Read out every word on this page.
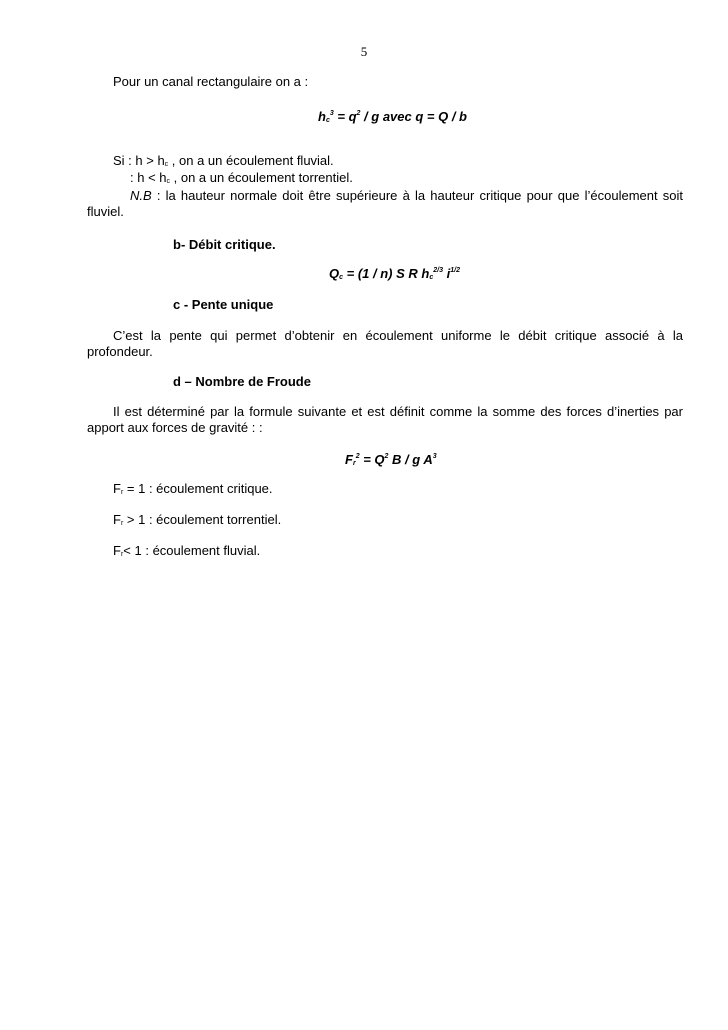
5
Pour un canal rectangulaire on a :
$h_c^3 = q^2 / g$ avec q = Q / b
Si : $h > h_c$ , on a un écoulement fluvial.
: $h < h_c$ , on a un écoulement torrentiel.
N.B : la hauteur normale doit être supérieure à la hauteur critique pour que l’écoulement soit
fluviel.
b- Débit critique.
$Q_c = (1 / n)$ S R $h_c^{2/3}$ $i^{1/2}$
c - Pente unique
C’est la pente qui permet d’obtenir en écoulement uniforme le débit critique associé à la
profondeur.
d – Nombre de Froude
Il est déterminé par la formule suivante et est définit comme la somme des forces d’inerties par
apport aux forces de gravité : :
$F_r^2 = Q^2$ B / g $A^3$
$F_r = 1$ : écoulement critique.
$F_r > 1$ : écoulement torrentiel.
$F_r< 1$ : écoulement fluvial.
